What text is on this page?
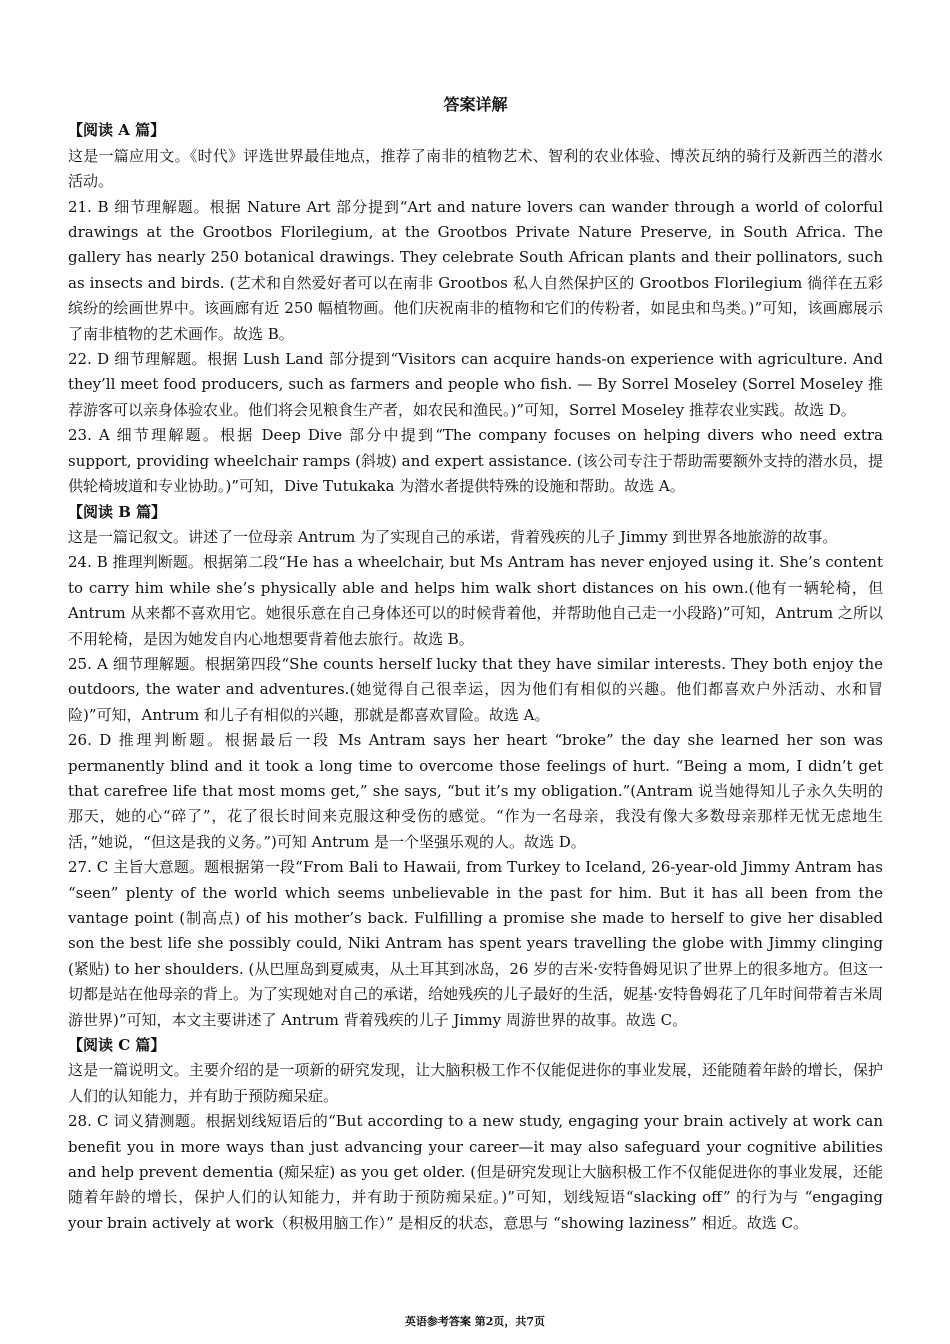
答案详解
【阅读 A 篇】

这是一篇应用文。《时代》评选世界最佳地点，推荐了南非的植物艺术、智利的农业体验、博茨瓦纳的骑行及新西兰的潜水活动。

21. B 细节理解题。根据 Nature Art 部分提到“Art and nature lovers can wander through a world of colorful drawings at the Grootbos Florilegium, at the Grootbos Private Nature Preserve, in South Africa. The gallery has nearly 250 botanical drawings. They celebrate South African plants and their pollinators, such as insects and birds. (艺术和自然爱好者可以在南非 Grootbos 私人自然保护区的 Grootbos Florilegium 徜徉在五彩缤纷的绘画世界中。该画廊有近 250 幅植物画。他们庆祝南非的植物和它们的传粉者，如昆虫和鸟类。)”可知，该画廊展示了南非植物的艺术画作。故选 B。

22. D 细节理解题。根据 Lush Land 部分提到“Visitors can acquire hands-on experience with agriculture. And they’ll meet food producers, such as farmers and people who fish. — By Sorrel Moseley (Sorrel Moseley 推荐游客可以亲身体验农业。他们将会见粮食生产者，如农民和渔民。)”可知，Sorrel Moseley 推荐农业实践。故选 D。

23. A 细节理解题。根据 Deep Dive 部分中提到“The company focuses on helping divers who need extra support, providing wheelchair ramps (斜坡) and expert assistance. (该公司专注于帮助需要额外支持的潜水员，提供轮椅坡道和专业协助。)”可知，Dive Tutukaka 为潜水者提供特殊的设施和帮助。故选 A。

【阅读 B 篇】

这是一篇记叙文。讲述了一位母亲 Antrum 为了实现自己的承诺，背着残疾的儿子 Jimmy 到世界各地旅游的故事。

24. B 推理判断题。根据第二段“He has a wheelchair, but Ms Antram has never enjoyed using it. She’s content to carry him while she’s physically able and helps him walk short distances on his own.(他有一辆轮椅，但 Antrum 从来都不喜欢用它。她很乐意在自己身体还可以的时候背着他，并帮助他自己走一小段路)”可知，Antrum 之所以不用轮椅，是因为她发自内心地想要背着他去旅行。故选 B。

25. A 细节理解题。根据第四段“She counts herself lucky that they have similar interests. They both enjoy the outdoors, the water and adventures.(她觉得自己很幸运，因为他们有相似的兴趣。他们都喜欢户外活动、水和冒险)”可知，Antrum 和儿子有相似的兴趣，那就是都喜欢冒险。故选 A。

26. D 推理判断题。根据最后一段 Ms Antram says her heart “broke” the day she learned her son was permanently blind and it took a long time to overcome those feelings of hurt. “Being a mom, I didn’t get that carefree life that most moms get,” she says, “but it’s my obligation.”(Antram 说当她得知儿子永久失明的那天，她的心“碎了”，花了很长时间来克服这种受伤的感觉。“作为一名母亲，我没有像大多数母亲那样无忧无虑地生活，”她说，“但这是我的义务。”)可知 Antrum 是一个坚强乐观的人。故选 D。

27. C 主旨大意题。题根据第一段“From Bali to Hawaii, from Turkey to Iceland, 26-year-old Jimmy Antram has “seen” plenty of the world which seems unbelievable in the past for him. But it has all been from the vantage point (制高点) of his mother’s back. Fulfilling a promise she made to herself to give her disabled son the best life she possibly could, Niki Antram has spent years travelling the globe with Jimmy clinging (紧贴) to her shoulders. (从巴厘岛到夏威夷，从土耳其到冰岛，26 岁的吉米·安特鲁姆见识了世界上的很多地方。但这一切都是站在他母亲的背上。为了实现她对自己的承诺，给她残疾的儿子最好的生活，妮基·安特鲁姆花了几年时间带着吉米周游世界)”可知，本文主要讲述了 Antrum 背着残疾的儿子 Jimmy 周游世界的故事。故选 C。

【阅读 C 篇】

这是一篇说明文。主要介绍的是一项新的研究发现，让大脑积极工作不仅能促进你的事业发展，还能随着年龄的增长，保护人们的认知能力，并有助于预防痴呆症。

28. C 词义猜测题。根据划线短语后的“But according to a new study, engaging your brain actively at work can benefit you in more ways than just advancing your career—it may also safeguard your cognitive abilities and help prevent dementia (痴呆症) as you get older. (但是研究发现让大脑积极工作不仅能促进你的事业发展，还能随着年龄的增长，保护人们的认知能力，并有助于预防痴呆症。)”可知，划线短语“slacking off” 的行为与 “engaging your brain actively at work（积极用脑工作）” 是相反的状态，意思与 “showing laziness” 相近。故选 C。

英语参考答案 第2页，共7页
